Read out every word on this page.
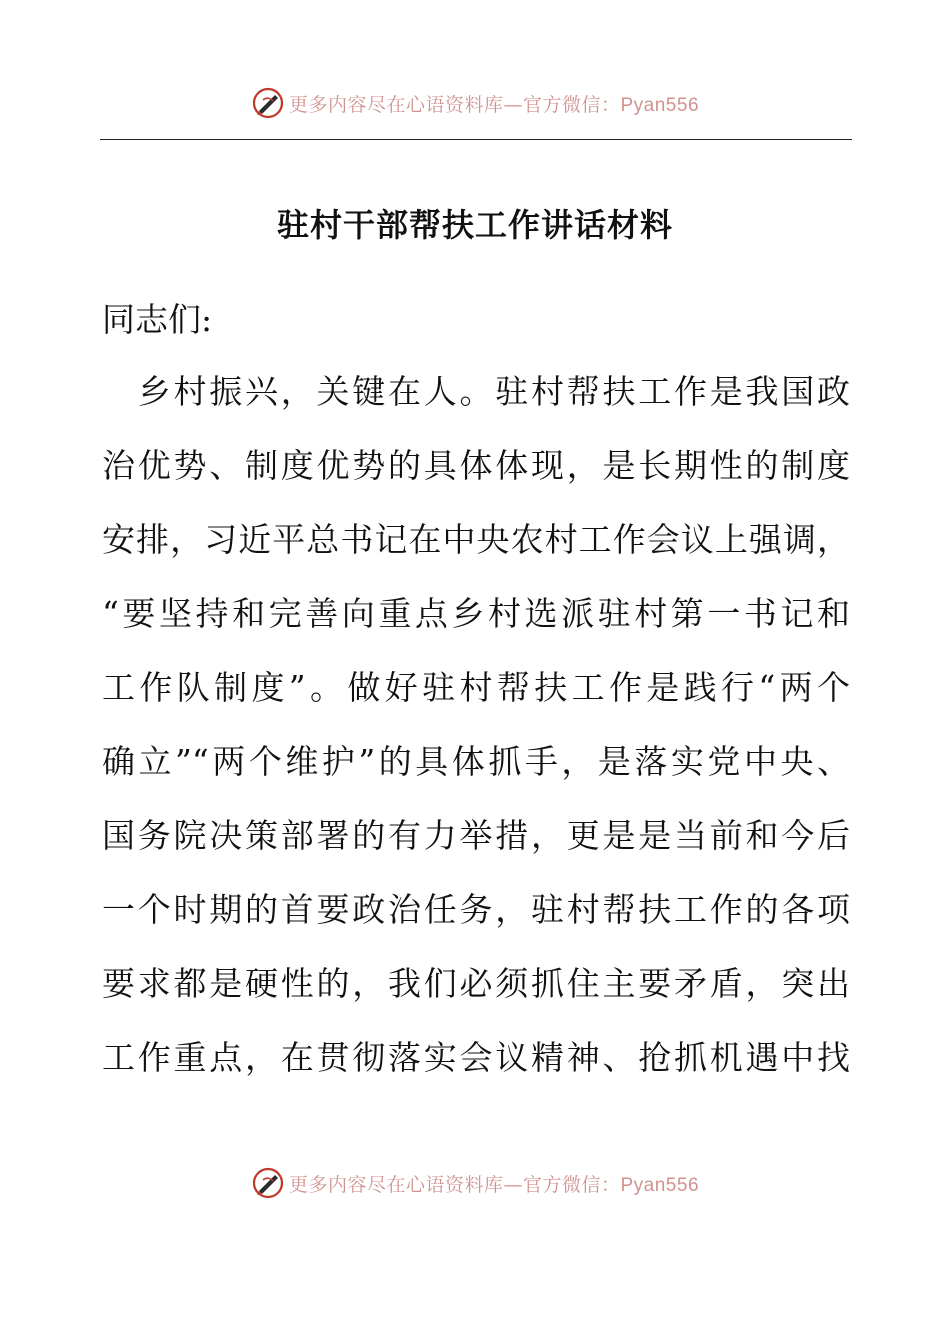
更多内容尽在心语资料库—官方微信：Pyan556
驻村干部帮扶工作讲话材料
同志们:
　乡村振兴，关键在人。驻村帮扶工作是我国政
治优势、制度优势的具体体现，是长期性的制度
安排，习近平总书记在中央农村工作会议上强调，
“要坚持和完善向重点乡村选派驻村第一书记和
工作队制度”。做好驻村帮扶工作是践行“两个
确立”“两个维护”的具体抓手，是落实党中央、
国务院决策部署的有力举措，更是是当前和今后
一个时期的首要政治任务，驻村帮扶工作的各项
要求都是硬性的，我们必须抓住主要矛盾，突出
工作重点，在贯彻落实会议精神、抢抓机遇中找
更多内容尽在心语资料库—官方微信：Pyan556
